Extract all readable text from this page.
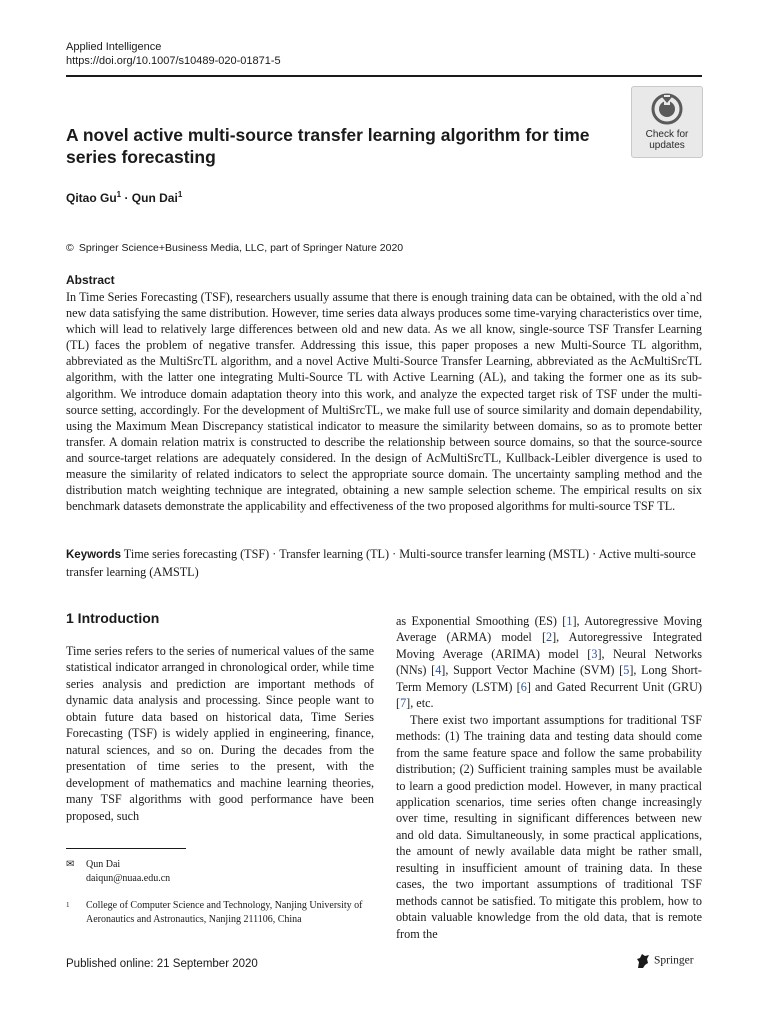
Applied Intelligence
https://doi.org/10.1007/s10489-020-01871-5
Check for
updates
A novel active multi-source transfer learning algorithm for time series forecasting
Qitao $Gu^1$ · Qun Dai$^1$
© Springer Science+Business Media, LLC, part of Springer Nature 2020
Abstract
In Time Series Forecasting (TSF), researchers usually assume that there is enough training data can be obtained, with the old a`nd new data satisfying the same distribution. However, time series data always produces some time-varying characteristics over time, which will lead to relatively large differences between old and new data. As we all know, single-source TSF Transfer Learning (TL) faces the problem of negative transfer. Addressing this issue, this paper proposes a new Multi-Source TL algorithm, abbreviated as the MultiSrcTL algorithm, and a novel Active Multi-Source Transfer Learning, abbreviated as the AcMultiSrcTL algorithm, with the latter one integrating Multi-Source TL with Active Learning (AL), and taking the former one as its sub-algorithm. We introduce domain adaptation theory into this work, and analyze the expected target risk of TSF under the multi-source setting, accordingly. For the development of MultiSrcTL, we make full use of source similarity and domain dependability, using the Maximum Mean Discrepancy statistical indicator to measure the similarity between domains, so as to promote better transfer. A domain relation matrix is constructed to describe the relationship between source domains, so that the source-source and source-target relations are adequately considered. In the design of AcMultiSrcTL, Kullback-Leibler divergence is used to measure the similarity of related indicators to select the appropriate source domain. The uncertainty sampling method and the distribution match weighting technique are integrated, obtaining a new sample selection scheme. The empirical results on six benchmark datasets demonstrate the applicability and effectiveness of the two proposed algorithms for multi-source TSF TL.
Keywords Time series forecasting (TSF) · Transfer learning (TL) · Multi-source transfer learning (MSTL) · Active multi-source transfer learning (AMSTL)
1 Introduction

Time series refers to the series of numerical values of the same statistical indicator arranged in chronological order, while time series analysis and prediction are important methods of dynamic data analysis and processing. Since people want to obtain future data based on historical data, Time Series Forecasting (TSF) is widely applied in engineering, finance, natural sciences, and so on. During the decades from the presentation of time series to the present, with the development of mathematics and machine learning theories, many TSF algorithms with good performance have been proposed, such

as Exponential Smoothing (ES) [1], Autoregressive Moving Average (ARMA) model [2], Autoregressive Integrated Moving Average (ARIMA) model [3], Neural Networks (NNs) [4], Support Vector Machine (SVM) [5], Long Short-Term Memory (LSTM) [6] and Gated Recurrent Unit (GRU) [7], etc.

There exist two important assumptions for traditional TSF methods: (1) The training data and testing data should come from the same feature space and follow the same probability distribution; (2) Sufficient training samples must be available to learn a good prediction model. However, in many practical application scenarios, time series often change increasingly over time, resulting in significant differences between new and old data. Simultaneously, in some practical applications, the amount of newly available data might be rather small, resulting in insufficient amount of training data. In these cases, the two important assumptions of traditional TSF methods cannot be satisfied. To mitigate this problem, how to obtain valuable knowledge from the old data, that is remote from the

✉ Qun Dai
daiqun@nuaa.edu.cn
1	College of Computer Science and Technology, Nanjing University of Aeronautics and Astronautics, Nanjing 211106, China
Published online: 21 September 2020	Springer
